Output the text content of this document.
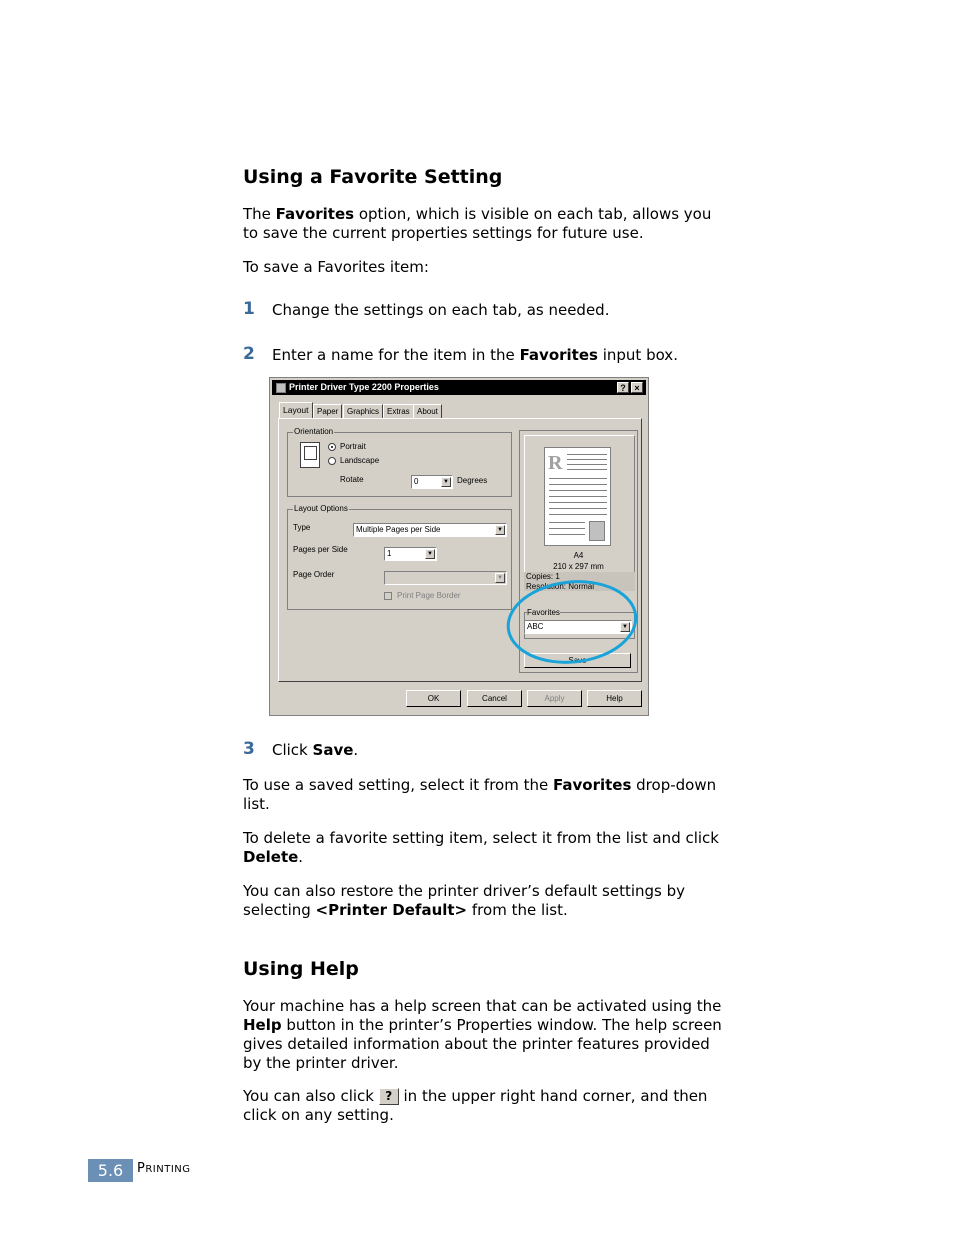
Using a Favorite Setting
The Favorites option, which is visible on each tab, allows you to save the current properties settings for future use.
To save a Favorites item:
1 Change the settings on each tab, as needed.
2 Enter a name for the item in the Favorites input box.
Printer Driver Type 2200 Properties	? ×
Layout	Paper	Graphics Extras About
Orientation
Portrait
Landscape
Rotate	0	▼ Degrees
Layout Options
Type	Multiple Pages per Side	▼
Pages per Side	1	▼
Page Order	▼
Print Page Border
R
A4
210 x 297 mm
Copies: 1
Resolution: Normal
Favorites
ABC	▼
Save
OK	Cancel	Apply	Help
3 Click Save.
To use a saved setting, select it from the Favorites drop-down list.
To delete a favorite setting item, select it from the list and click Delete.
You can also restore the printer driver’s default settings by selecting <Printer Default> from the list.
Using Help
Your machine has a help screen that can be activated using the Help button in the printer’s Properties window. The help screen gives detailed information about the printer features provided by the printer driver.
You can also click ? in the upper right hand corner, and then click on any setting.
5.6	PRINTING
